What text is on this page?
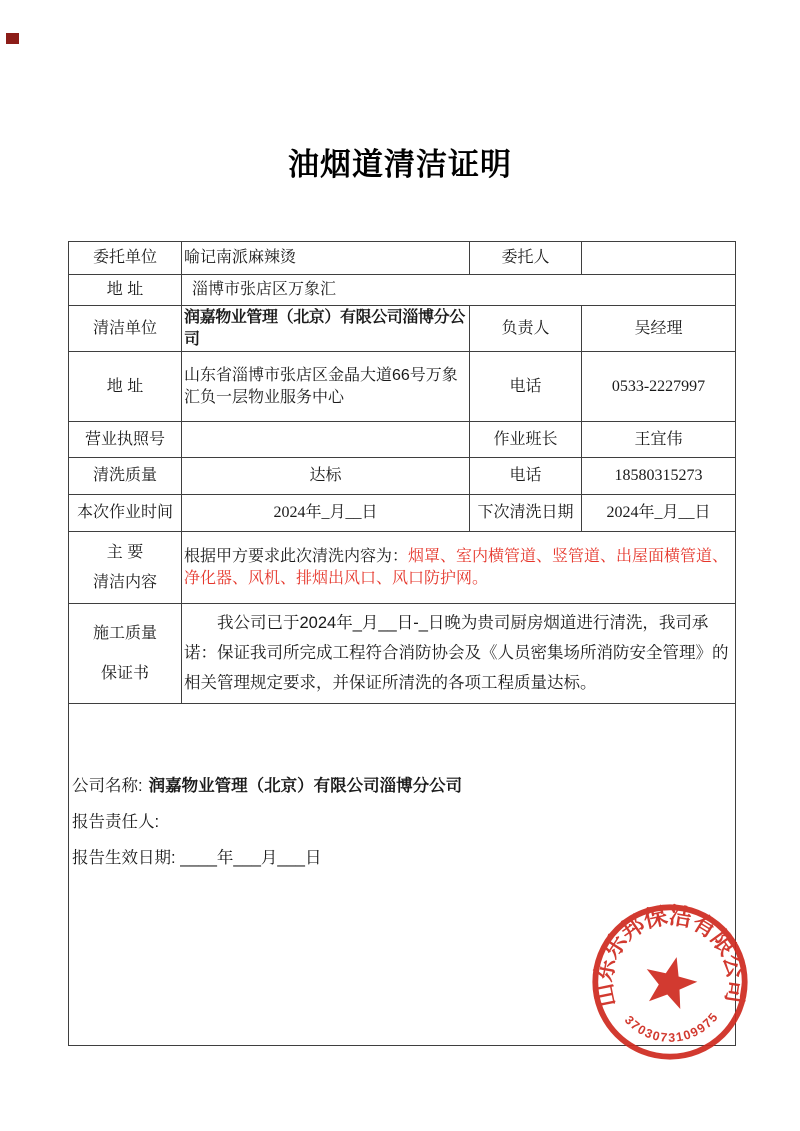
油烟道清洁证明
委托单位	喻记南派麻辣烫	委托人	
地 址	淄博市张店区万象汇		
清洁单位	润嘉物业管理（北京）有限公司淄博分公司	负责人	吴经理
地 址	山东省淄博市张店区金晶大道66号万象汇负一层物业服务中心	电话	0533-2227997
营业执照号		作业班长	王宜伟
清洗质量	达标	电话	18580315273
本次作业时间	2024年_月__日	下次清洗日期	2024年_月__日

主 要
清洁内容	根据甲方要求此次清洗内容为：烟罩、室内横管道、竖管道、出屋面横管道、净化器、风机、排烟出风口、风口防护网。		

施工质量
保证书	我公司已于2024年_月__日-_日晚为贵司厨房烟道进行清洗，我司承诺：保证我司所完成工程符合消防协会及《人员密集场所消防安全管理》的相关管理规定要求，并保证所清洗的各项工程质量达标。		

公司名称: 润嘉物业管理（北京）有限公司淄博分公司
报告责任人:
报告生效日期: ____年___月___日
山东乐邦保洁有限公司
3703073109975			
